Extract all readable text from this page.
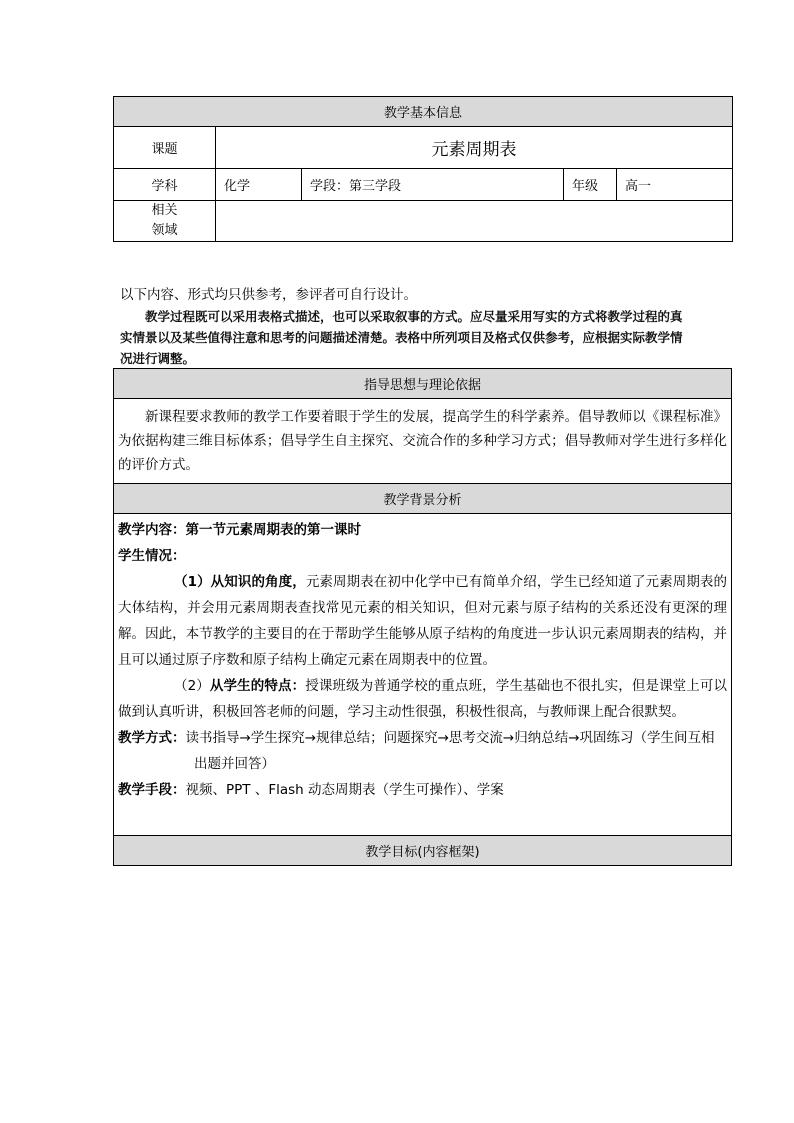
教学基本信息				
课题	元素周期表			
学科	化学	学段：第三学段	年级	高一

相关
领域				

以下内容、形式均只供参考，参评者可自行设计。

教学过程既可以采用表格式描述，也可以采取叙事的方式。应尽量采用写实的方式将教学过程的真实情景以及某些值得注意和思考的问题描述清楚。表格中所列项目及格式仅供参考，应根据实际教学情况进行调整。

指导思想与理论依据
新课程要求教师的教学工作要着眼于学生的发展，提高学生的科学素养。倡导教师以《课程标准》为依据构建三维目标体系；倡导学生自主探究、交流合作的多种学习方式；倡导教师对学生进行多样化的评价方式。
教学背景分析

教学内容：第一节元素周期表的第一课时

学生情况：

（1）从知识的角度，元素周期表在初中化学中已有简单介绍，学生已经知道了元素周期表的大体结构，并会用元素周期表查找常见元素的相关知识，但对元素与原子结构的关系还没有更深的理解。因此，本节教学的主要目的在于帮助学生能够从原子结构的角度进一步认识元素周期表的结构，并且可以通过原子序数和原子结构上确定元素在周期表中的位置。

（2）从学生的特点：授课班级为普通学校的重点班，学生基础也不很扎实，但是课堂上可以做到认真听讲，积极回答老师的问题，学习主动性很强，积极性很高，与教师课上配合很默契。

教学方式：读书指导→学生探究→规律总结；问题探究→思考交流→归纳总结→巩固练习（学生间互相出题并回答）

教学手段：视频、PPT 、Flash 动态周期表（学生可操作）、学案

教学目标(内容框架)
